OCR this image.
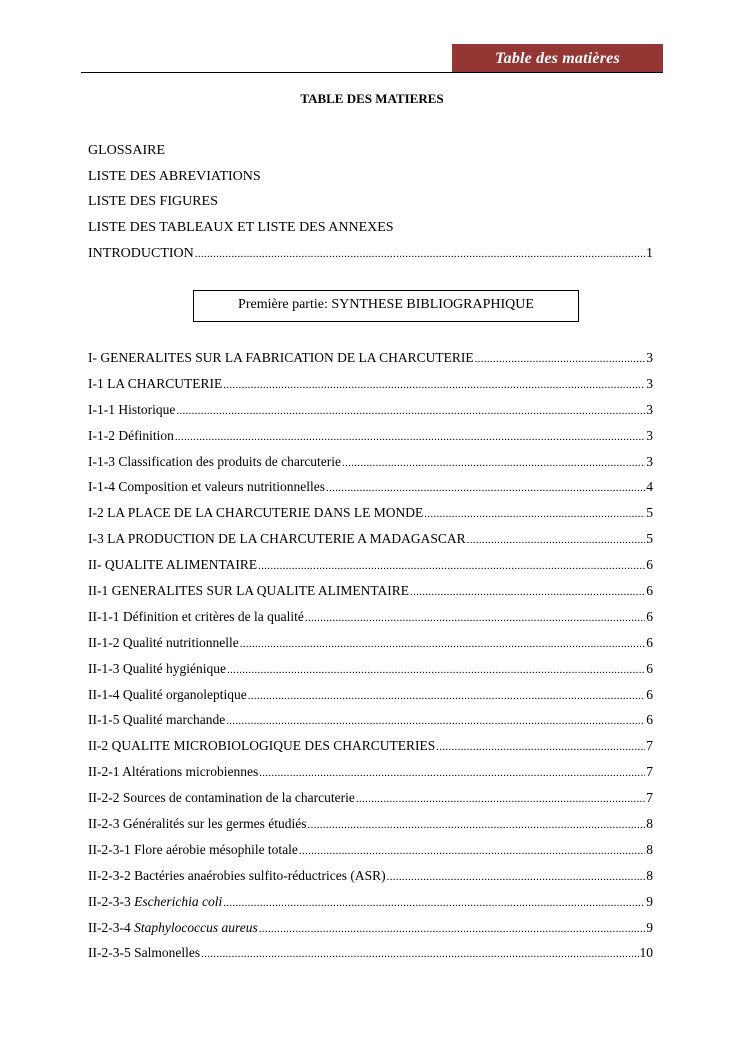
Table des matières
TABLE DES MATIERES
GLOSSAIRE
LISTE DES ABREVIATIONS
LISTE DES FIGURES
LISTE DES TABLEAUX ET LISTE DES ANNEXES
INTRODUCTION .....	1
Première partie: SYNTHESE BIBLIOGRAPHIQUE
I- GENERALITES SUR LA FABRICATION DE LA CHARCUTERIE .....	3
I-1 LA CHARCUTERIE .....	3
I-1-1 Historique .....	3
I-1-2 Définition .....	3
I-1-3 Classification des produits de charcuterie .....	3
I-1-4 Composition et valeurs nutritionnelles .....	4
I-2 LA PLACE DE LA CHARCUTERIE DANS LE MONDE .....	5
I-3 LA PRODUCTION DE LA CHARCUTERIE A MADAGASCAR .....	5
II- QUALITE ALIMENTAIRE .....	6
II-1 GENERALITES SUR LA QUALITE ALIMENTAIRE .....	6
II-1-1 Définition et critères de la qualité .....	6
II-1-2 Qualité nutritionnelle .....	6
II-1-3 Qualité hygiénique .....	6
II-1-4 Qualité organoleptique .....	6
II-1-5 Qualité marchande .....	6
II-2 QUALITE MICROBIOLOGIQUE DES CHARCUTERIES .....	7
II-2-1 Altérations microbiennes .....	7
II-2-2 Sources de contamination de la charcuterie .....	7
II-2-3 Généralités sur les germes étudiés .....	8
II-2-3-1 Flore aérobie mésophile totale .....	8
II-2-3-2 Bactéries anaérobies sulfito-réductrices (ASR) .....	8
II-2-3-3 Escherichia coli .....	9
II-2-3-4 Staphylococcus aureus .....	9
II-2-3-5 Salmonelles .....	10
